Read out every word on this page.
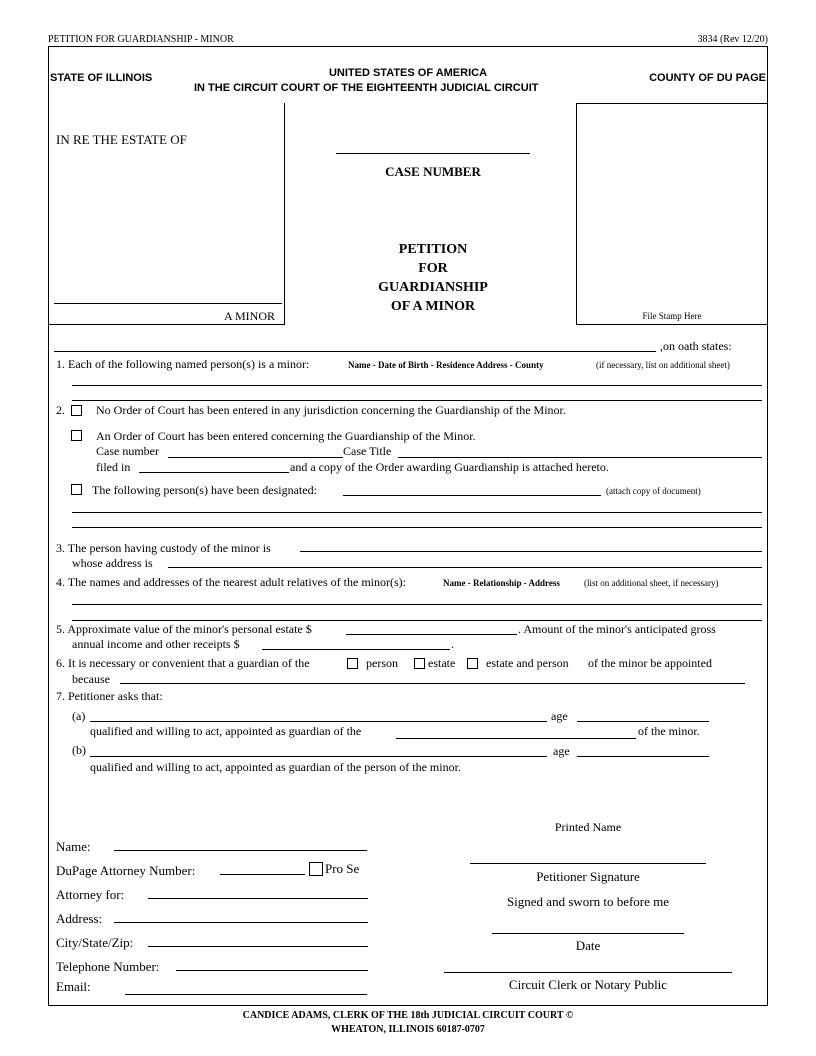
PETITION FOR GUARDIANSHIP - MINOR	3834 (Rev 12/20)
STATE OF ILLINOIS	UNITED STATES OF AMERICA
IN THE CIRCUIT COURT OF THE EIGHTEENTH JUDICIAL CIRCUIT
COUNTY OF DU PAGE
IN RE THE ESTATE OF
A MINOR
CASE NUMBER
PETITION
FOR
GUARDIANSHIP
OF A MINOR
File Stamp Here
,on oath states:
1. Each of the following named person(s) is a minor:	Name - Date of Birth - Residence Address - County	(if necessary, list on additional sheet)
2.	No Order of Court has been entered in any jurisdiction concerning the Guardianship of the Minor.
An Order of Court has been entered concerning the Guardianship of the Minor.
Case number	Case Title
filed in	and a copy of the Order awarding Guardianship is attached hereto.
The following person(s) have been designated:	(attach copy of document)
3. The person having custody of the minor is
whose address is
4. The names and addresses of the nearest adult relatives of the minor(s):	Name - Relationship - Address	(list on additional sheet, if necessary)
5. Approximate value of the minor's personal estate $	. Amount of the minor's anticipated gross
annual income and other receipts $	.
6. It is necessary or convenient that a guardian of the	person	estate	estate and person of the minor be appointed
because
7. Petitioner asks that:
(a)	age
qualified and willing to act, appointed as guardian of the	of the minor.
(b)	age
qualified and willing to act, appointed as guardian of the person of the minor.
Name:
DuPage Attorney Number:	Pro Se
Attorney for:
Address:
City/State/Zip:
Telephone Number:
Email:
Printed Name
Petitioner Signature
Signed and sworn to before me
Date
Circuit Clerk or Notary Public
CANDICE ADAMS, CLERK OF THE 18th JUDICIAL CIRCUIT COURT ©
WHEATON, ILLINOIS 60187-0707
